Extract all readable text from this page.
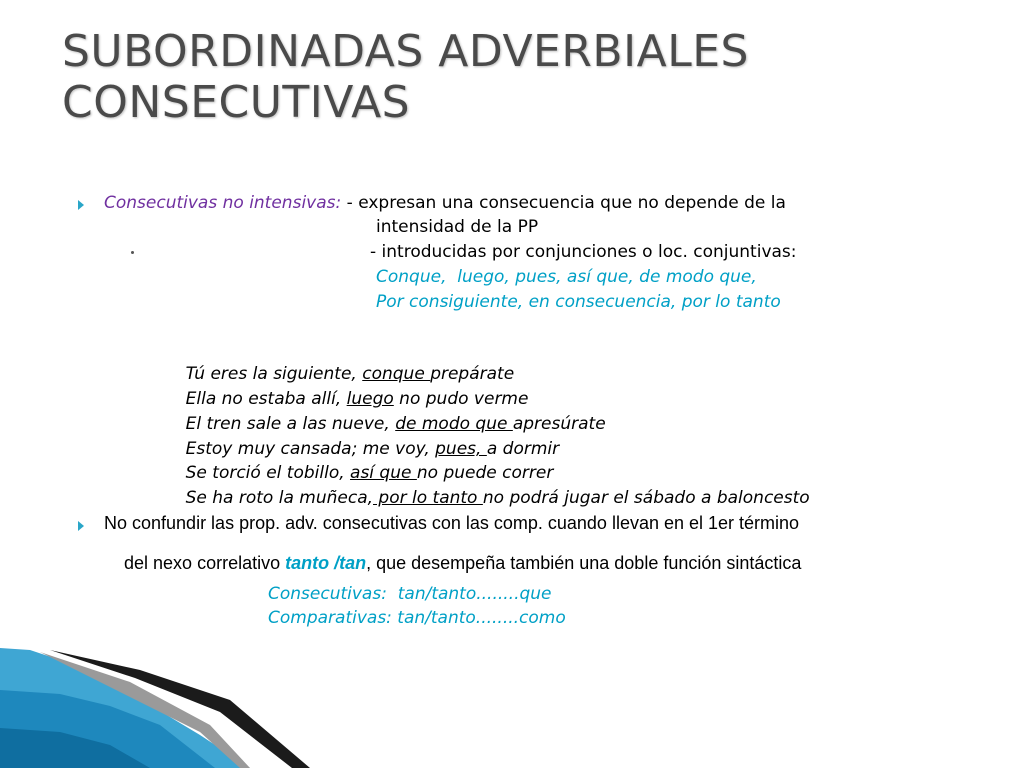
SUBORDINADAS ADVERBIALES
CONSECUTIVAS
Consecutivas no intensivas: - expresan una consecuencia que no depende de la
intensidad de la PP
- introducidas por conjunciones o loc. conjuntivas:
Conque,  luego, pues, así que, de modo que,
Por consiguiente, en consecuencia, por lo tanto

Tú eres la siguiente, conque prepárate

Ella no estaba allí, luego no pudo verme

El tren sale a las nueve, de modo que apresúrate

Estoy muy cansada; me voy, pues, a dormir

Se torció el tobillo, así que no puede correr

Se ha roto la muñeca, por lo tanto no podrá jugar el sábado a baloncesto

No confundir las prop. adv. consecutivas con las comp. cuando llevan en el 1er término

del nexo correlativo tanto /tan, que desempeña también una doble función sintáctica

Consecutivas:  tan/tanto........que
Comparativas: tan/tanto........como
